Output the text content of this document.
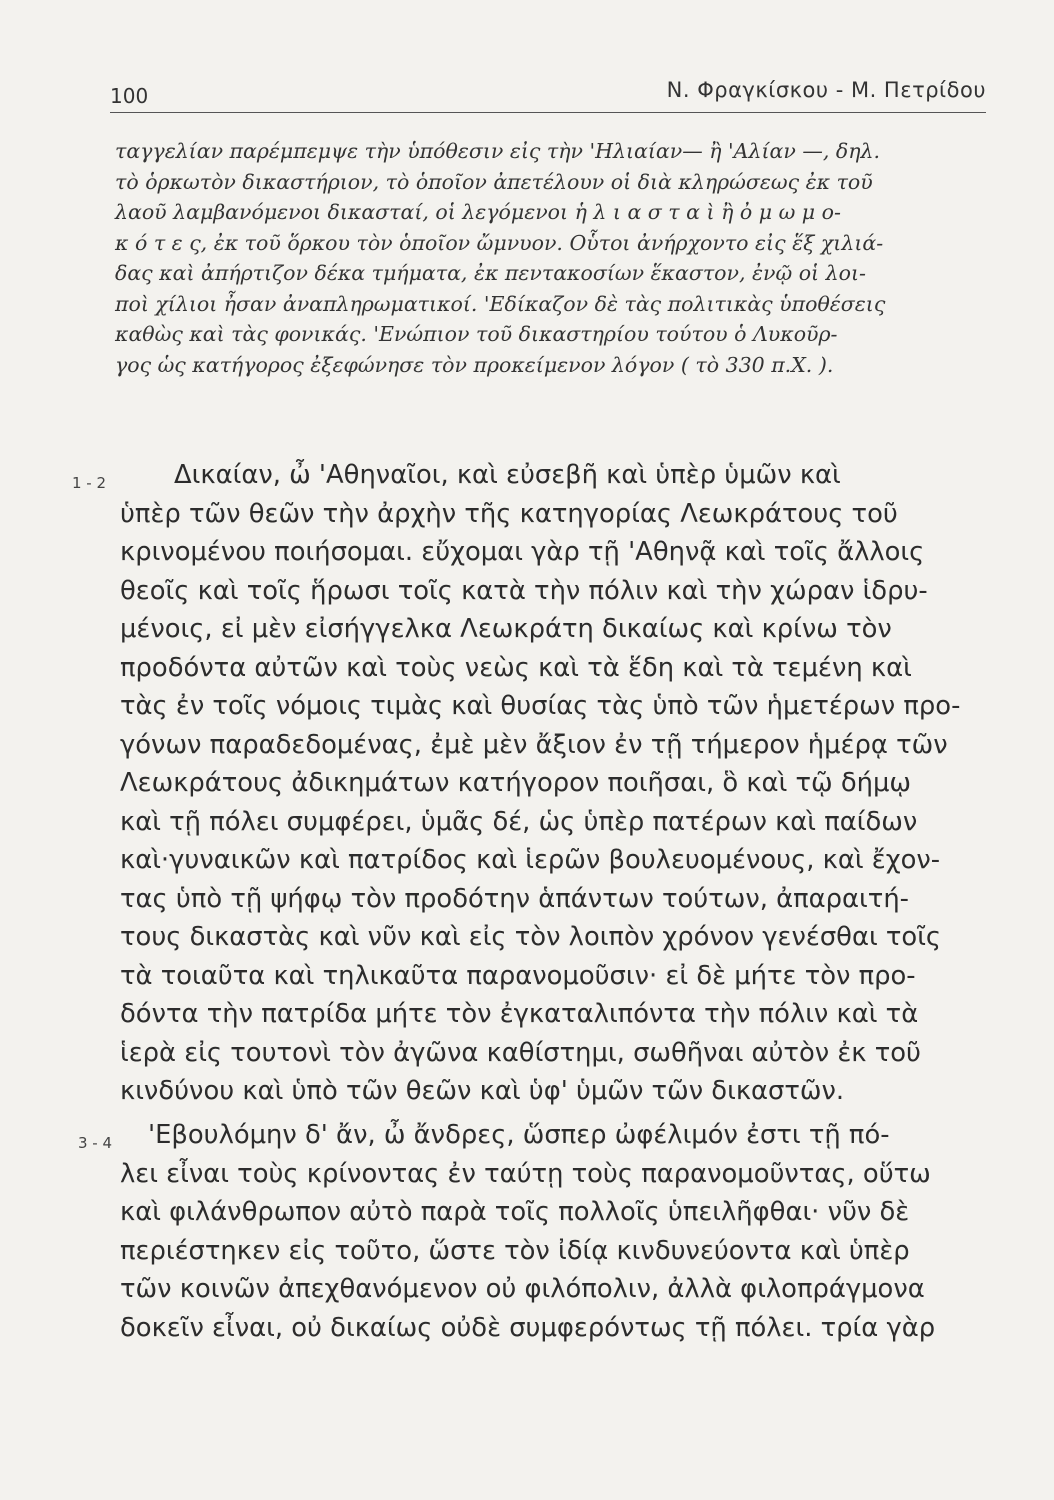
100	N. Φραγκίσκου - Μ. Πετρίδου
ταγγελίαν παρέμπεμψε τὴν ὑπόθεσιν εἰς τὴν 'Ηλιαίαν— ἢ 'Αλίαν —, δηλ.
τὸ ὁρκωτὸν δικαστήριον, τὸ ὁποῖον ἀπετέλουν οἱ διὰ κληρώσεως ἐκ τοῦ
λαοῦ λαμβανόμενοι δικασταί, οἱ λεγόμενοι ἡ λ ι α σ τ α ὶ ἢ ὀ μ ω μ ο-
κ ό τ ε ς, ἐκ τοῦ ὅρκου τὸν ὁποῖον ὤμνυον. Οὗτοι ἀνήρχοντο εἰς ἕξ χιλιά-
δας καὶ ἀπήρτιζον δέκα τμήματα, ἐκ πεντακοσίων ἕκαστον, ἐνῷ οἱ λοι-
ποὶ χίλιοι ἦσαν ἀναπληρωματικοί. 'Εδίκαζον δὲ τὰς πολιτικὰς ὑποθέσεις
καθὼς καὶ τὰς φονικάς. 'Ενώπιον τοῦ δικαστηρίου τούτου ὁ Λυκοῦρ-
γος ὡς κατήγορος ἐξεφώνησε τὸν προκείμενον λόγον ( τὸ 330 π.Χ. ).
1 - 2	Δικαίαν, ὦ 'Αθηναῖοι, καὶ εὐσεβῆ καὶ ὑπὲρ ὑμῶν καὶ
ὑπὲρ τῶν θεῶν τὴν ἀρχὴν τῆς κατηγορίας Λεωκράτους τοῦ
κρινομένου ποιήσομαι. εὔχομαι γὰρ τῇ 'Αθηνᾷ καὶ τοῖς ἄλλοις
θεοῖς καὶ τοῖς ἥρωσι τοῖς κατὰ τὴν πόλιν καὶ τὴν χώραν ἱδρυ-
μένοις, εἰ μὲν εἰσήγγελκα Λεωκράτη δικαίως καὶ κρίνω τὸν
προδόντα αὐτῶν καὶ τοὺς νεὼς καὶ τὰ ἕδη καὶ τὰ τεμένη καὶ
τὰς ἐν τοῖς νόμοις τιμὰς καὶ θυσίας τὰς ὑπὸ τῶν ἡμετέρων προ-
γόνων παραδεδομένας, ἐμὲ μὲν ἄξιον ἐν τῇ τήμερον ἡμέρᾳ τῶν
Λεωκράτους ἀδικημάτων κατήγορον ποιῆσαι, ὃ καὶ τῷ δήμῳ
καὶ τῇ πόλει συμφέρει, ὑμᾶς δέ, ὡς ὑπὲρ πατέρων καὶ παίδων
καὶ·γυναικῶν καὶ πατρίδος καὶ ἱερῶν βουλευομένους, καὶ ἔχον-
τας ὑπὸ τῇ ψήφῳ τὸν προδότην ἁπάντων τούτων, ἀπαραιτή-
τους δικαστὰς καὶ νῦν καὶ εἰς τὸν λοιπὸν χρόνον γενέσθαι τοῖς
τὰ τοιαῦτα καὶ τηλικαῦτα παρανομοῦσιν· εἰ δὲ μήτε τὸν προ-
δόντα τὴν πατρίδα μήτε τὸν ἐγκαταλιπόντα τὴν πόλιν καὶ τὰ
ἱερὰ εἰς τουτονὶ τὸν ἀγῶνα καθίστημι, σωθῆναι αὐτὸν ἐκ τοῦ
κινδύνου καὶ ὑπὸ τῶν θεῶν καὶ ὑφ' ὑμῶν τῶν δικαστῶν.
3 - 4 'Εβουλόμην δ' ἄν, ὦ ἄνδρες, ὥσπερ ὠφέλιμόν ἐστι τῇ πό-
λει εἶναι τοὺς κρίνοντας ἐν ταύτῃ τοὺς παρανομοῦντας, οὕτω
καὶ φιλάνθρωπον αὐτὸ παρὰ τοῖς πολλοῖς ὑπειλῆφθαι· νῦν δὲ
περιέστηκεν εἰς τοῦτο, ὥστε τὸν ἰδίᾳ κινδυνεύοντα καὶ ὑπὲρ
τῶν κοινῶν ἀπεχθανόμενον οὐ φιλόπολιν, ἀλλὰ φιλοπράγμονα
δοκεῖν εἶναι, οὐ δικαίως οὐδὲ συμφερόντως τῇ πόλει. τρία γὰρ
